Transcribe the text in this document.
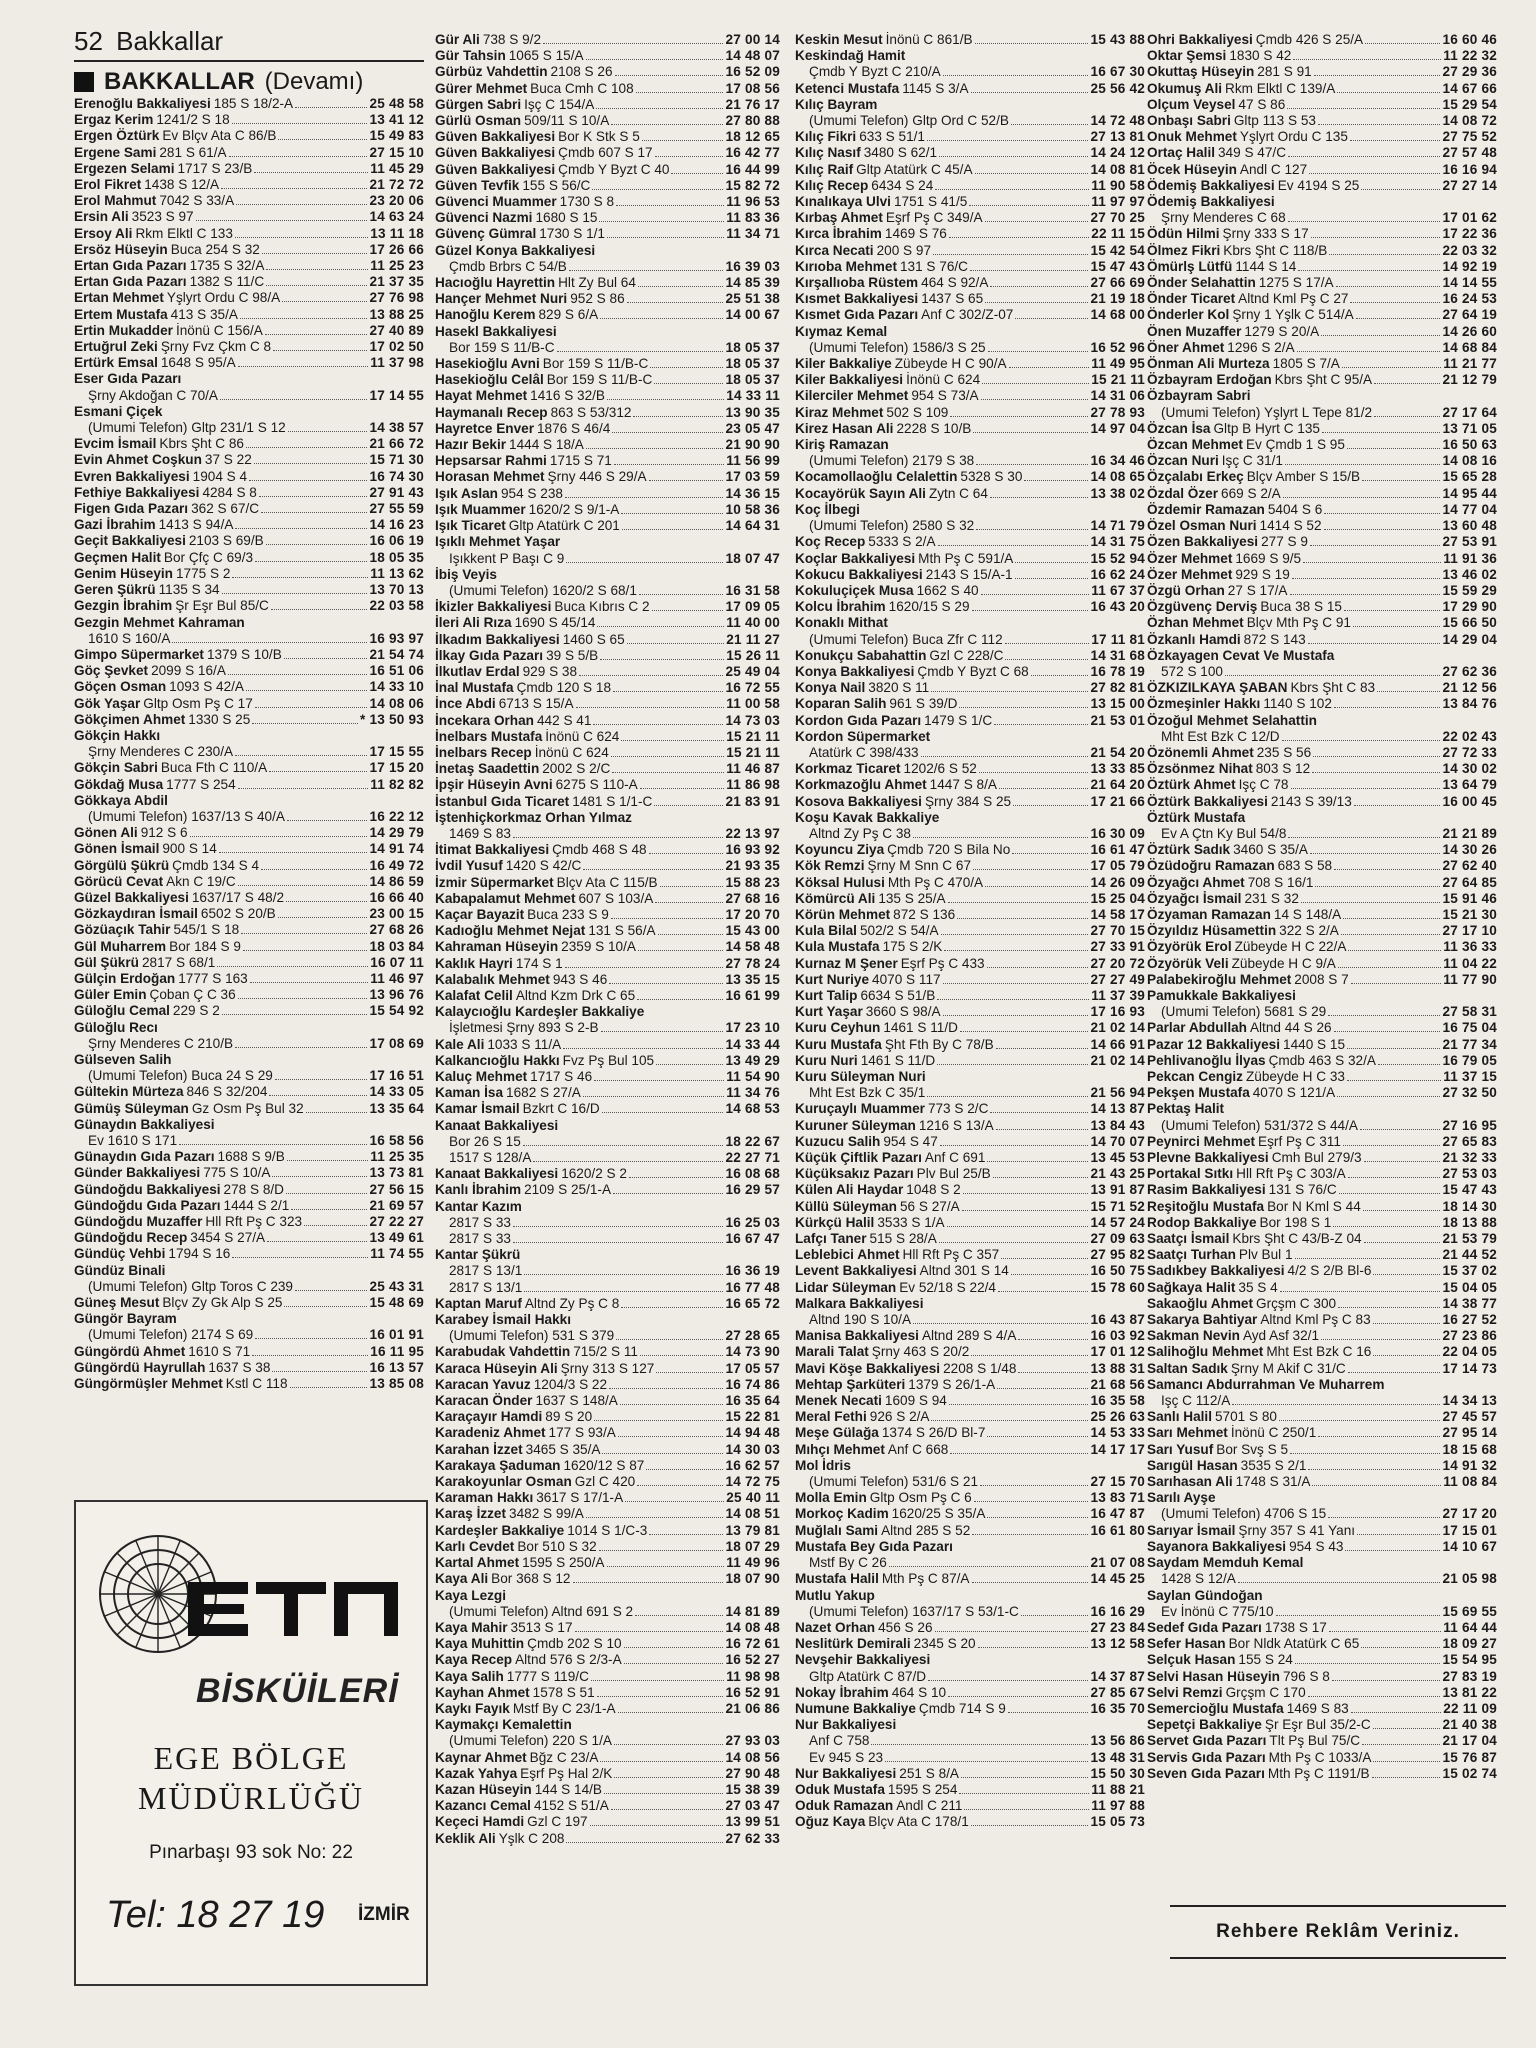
52 Bakkallar
BAKKALLAR (Devamı)
Erenoğlu Bakkaliyesi 185 S 18/2-A	25 48 58
Ergaz Kerim 1241/2 S 18	13 41 12
Ergen Öztürk Ev Blçv Ata C 86/B	15 49 83
Ergene Sami 281 S 61/A	27 15 10
Ergezen Selami 1717 S 23/B	11 45 29
Erol Fikret 1438 S 12/A	21 72 72
Erol Mahmut 7042 S 33/A	23 20 06
Ersin Ali 3523 S 97	14 63 24
Ersoy Ali Rkm Elktl C 133	13 11 18
Ersöz Hüseyin Buca 254 S 32	17 26 66
Ertan Gıda Pazarı 1735 S 32/A	11 25 23
Ertan Gıda Pazarı 1382 S 11/C	21 37 35
Ertan Mehmet Yşlyrt Ordu C 98/A	27 76 98
Ertem Mustafa 413 S 35/A	13 88 25
Ertin Mukadder İnönü C 156/A	27 40 89
Ertuğrul Zeki Şrny Fvz Çkm C 8	17 02 50
Ertürk Emsal 1648 S 95/A	11 37 98
Eser Gıda Pazarı
Şrny Akdoğan C 70/A	17 14 55
Esmani Çiçek
(Umumi Telefon) Gltp 231/1 S 12	14 38 57
Evcim İsmail Kbrs Şht C 86	21 66 72
Evin Ahmet Coşkun 37 S 22	15 71 30
Evren Bakkaliyesi 1904 S 4	16 74 30
Fethiye Bakkaliyesi 4284 S 8	27 91 43
Figen Gıda Pazarı 362 S 67/C	27 55 59
Gazi İbrahim 1413 S 94/A	14 16 23
Geçit Bakkaliyesi 2103 S 69/B	16 06 19
Geçmen Halit Bor Çfç C 69/3	18 05 35
Genim Hüseyin 1775 S 2	11 13 62
Geren Şükrü 1135 S 34	13 70 13
Gezgin İbrahim Şr Eşr Bul 85/C	22 03 58
Gezgin Mehmet Kahraman
1610 S 160/A	16 93 97
Gimpo Süpermarket 1379 S 10/B	21 54 74
Göç Şevket 2099 S 16/A	16 51 06
Göçen Osman 1093 S 42/A	14 33 10
Gök Yaşar Gltp Osm Pş C 17	14 08 06
Gökçimen Ahmet 1330 S 25	* 13 50 93
Gökçin Hakkı
Şrny Menderes C 230/A	17 15 55
Gökçin Sabri Buca Fth C 110/A	17 15 20
Gökdağ Musa 1777 S 254	11 82 82
Gökkaya Abdil
(Umumi Telefon) 1637/13 S 40/A	16 22 12
Gönen Ali 912 S 6	14 29 79
Gönen İsmail 900 S 14	14 91 74
Görgülü Şükrü Çmdb 134 S 4	16 49 72
Görücü Cevat Akn C 19/C	14 86 59
Güzel Bakkaliyesi 1637/17 S 48/2	16 66 40
Gözkaydıran İsmail 6502 S 20/B	23 00 15
Gözüaçık Tahir 545/1 S 18	27 68 26
Gül Muharrem Bor 184 S 9	18 03 84
Gül Şükrü 2817 S 68/1	16 07 11
Gülçin Erdoğan 1777 S 163	11 46 97
Güler Emin Çoban Ç C 36	13 96 76
Güloğlu Cemal 229 S 2	15 54 92
Güloğlu Recı
Şrny Menderes C 210/B	17 08 69
Gülseven Salih
(Umumi Telefon) Buca 24 S 29	17 16 51
Gültekin Mürteza 846 S 32/204	14 33 05
Gümüş Süleyman Gz Osm Pş Bul 32	13 35 64
Günaydın Bakkaliyesi
Ev 1610 S 171	16 58 56
Günaydın Gıda Pazarı 1688 S 9/B	11 25 35
Günder Bakkaliyesi 775 S 10/A	13 73 81
Gündoğdu Bakkaliyesi 278 S 8/D	27 56 15
Gündoğdu Gıda Pazarı 1444 S 2/1	21 69 57
Gündoğdu Muzaffer Hll Rft Pş C 323	27 22 27
Gündoğdu Recep 3454 S 27/A	13 49 61
Gündüç Vehbi 1794 S 16	11 74 55
Gündüz Binali
(Umumi Telefon) Gltp Toros C 239	25 43 31
Güneş Mesut Blçv Zy Gk Alp S 25	15 48 69
Güngör Bayram
(Umumi Telefon) 2174 S 69	16 01 91
Güngördü Ahmet 1610 S 71	16 11 95
Güngördü Hayrullah 1637 S 38	16 13 57
Güngörmüşler Mehmet Kstl C 118	13 85 08
Gür Ali 738 S 9/2	27 00 14
Gür Tahsin 1065 S 15/A	14 48 07
Gürbüz Vahdettin 2108 S 26	16 52 09
Gürer Mehmet Buca Cmh C 108	17 08 56
Gürgen Sabri Işç C 154/A	21 76 17
Gürlü Osman 509/11 S 10/A	27 80 88
Güven Bakkaliyesi Bor K Stk S 5	18 12 65
Güven Bakkaliyesi Çmdb 607 S 17	16 42 77
Güven Bakkaliyesi Çmdb Y Byzt C 40	16 44 99
Güven Tevfik 155 S 56/C	15 82 72
Güvenci Muammer 1730 S 8	11 96 53
Güvenci Nazmi 1680 S 15	11 83 36
Güvenç Gümral 1730 S 1/1	11 34 71
Güzel Konya Bakkaliyesi
Çmdb Brbrs C 54/B	16 39 03
Hacıoğlu Hayrettin Hlt Zy Bul 64	14 85 39
Hançer Mehmet Nuri 952 S 86	25 51 38
Hanoğlu Kerem 829 S 6/A	14 00 67
Hasekl Bakkaliyesi
Bor 159 S 11/B-C	18 05 37
Hasekioğlu Avni Bor 159 S 11/B-C	18 05 37
Hasekioğlu Celâl Bor 159 S 11/B-C	18 05 37
Hayat Mehmet 1416 S 32/B	14 33 11
Haymanalı Recep 863 S 53/312	13 90 35
Hayretce Enver 1876 S 46/4	23 05 47
Hazır Bekir 1444 S 18/A	21 90 90
Hepsarsar Rahmi 1715 S 71	11 56 99
Horasan Mehmet Şrny 446 S 29/A	17 03 59
Işık Aslan 954 S 238	14 36 15
Işık Muammer 1620/2 S 9/1-A	10 58 36
Işık Ticaret Gltp Atatürk C 201	14 64 31
Işıklı Mehmet Yaşar
Işıkkent P Başı C 9	18 07 47
İbiş Veyis
(Umumi Telefon) 1620/2 S 68/1	16 31 58
İkizler Bakkaliyesi Buca Kıbrıs C 2	17 09 05
İleri Ali Rıza 1690 S 45/14	11 40 00
İlkadım Bakkaliyesi 1460 S 65	21 11 27
İlkay Gıda Pazarı 39 S 5/B	15 26 11
İlkutlav Erdal 929 S 38	25 49 04
İnal Mustafa Çmdb 120 S 18	16 72 55
İnce Abdi 6713 S 15/A	11 00 58
İncekara Orhan 442 S 41	14 73 03
İnelbars Mustafa İnönü C 624	15 21 11
İnelbars Recep İnönü C 624	15 21 11
İnetaş Saadettin 2002 S 2/C	11 46 87
İpşir Hüseyin Avni 6275 S 110-A	11 86 98
İstanbul Gıda Ticaret 1481 S 1/1-C	21 83 91
İştenhiçkorkmaz Orhan Yılmaz
1469 S 83	22 13 97
İtimat Bakkaliyesi Çmdb 468 S 48	16 93 92
İvdil Yusuf 1420 S 42/C	21 93 35
İzmir Süpermarket Blçv Ata C 115/B	15 88 23
Kabapalamut Mehmet 607 S 103/A	27 68 16
Kaçar Bayazit Buca 233 S 9	17 20 70
Kadıoğlu Mehmet Nejat 131 S 56/A	15 43 00
Kahraman Hüseyin 2359 S 10/A	14 58 48
Kaklık Hayri 174 S 1	27 78 24
Kalabalık Mehmet 943 S 46	13 35 15
Kalafat Celil Altnd Kzm Drk C 65	16 61 99
Kalaycıoğlu Kardeşler Bakkaliye
İşletmesi Şrny 893 S 2-B	17 23 10
Kale Ali 1033 S 11/A	14 33 44
Kalkancıoğlu Hakkı Fvz Pş Bul 105	13 49 29
Kaluç Mehmet 1717 S 46	11 54 90
Kaman İsa 1682 S 27/A	11 34 76
Kamar İsmail Bzkrt C 16/D	14 68 53
Kanaat Bakkaliyesi
Bor 26 S 15	18 22 67
1517 S 128/A	22 27 71
Kanaat Bakkaliyesi 1620/2 S 2	16 08 68
Kanlı İbrahim 2109 S 25/1-A	16 29 57
Kantar Kazım
2817 S 33	16 25 03
2817 S 33	16 67 47
Kantar Şükrü
2817 S 13/1	16 36 19
2817 S 13/1	16 77 48
Kaptan Maruf Altnd Zy Pş C 8	16 65 72
Karabey İsmail Hakkı
(Umumi Telefon) 531 S 379	27 28 65
Karabudak Vahdettin 715/2 S 11	14 73 90
Karaca Hüseyin Ali Şrny 313 S 127	17 05 57
Karacan Yavuz 1204/3 S 22	16 74 86
Karacan Önder 1637 S 148/A	16 35 64
Karaçayır Hamdi 89 S 20	15 22 81
Karadeniz Ahmet 177 S 93/A	14 94 48
Karahan İzzet 3465 S 35/A	14 30 03
Karakaya Şaduman 1620/12 S 87	16 62 57
Karakoyunlar Osman Gzl C 420	14 72 75
Karaman Hakkı 3617 S 17/1-A	25 40 11
Karaş İzzet 3482 S 99/A	14 08 51
Kardeşler Bakkaliye 1014 S 1/C-3	13 79 81
Karlı Cevdet Bor 510 S 32	18 07 29
Kartal Ahmet 1595 S 250/A	11 49 96
Kaya Ali Bor 368 S 12	18 07 90
Kaya Lezgi
(Umumi Telefon) Altnd 691 S 2	14 81 89
Kaya Mahir 3513 S 17	14 08 48
Kaya Muhittin Çmdb 202 S 10	16 72 61
Kaya Recep Altnd 576 S 2/3-A	16 52 27
Kaya Salih 1777 S 119/C	11 98 98
Kayhan Ahmet 1578 S 51	16 52 91
Kaykı Fayık Mstf By C 23/1-A	21 06 86
Kaymakçı Kemalettin
(Umumi Telefon) 220 S 1/A	27 93 03
Kaynar Ahmet Bğz C 23/A	14 08 56
Kazak Yahya Eşrf Pş Hal 2/K	27 90 48
Kazan Hüseyin 144 S 14/B	15 38 39
Kazancı Cemal 4152 S 51/A	27 03 47
Keçeci Hamdi Gzl C 197	13 99 51
Keklik Ali Yşlk C 208	27 62 33
Keskin Mesut İnönü C 861/B	15 43 88
Keskindağ Hamit
Çmdb Y Byzt C 210/A	16 67 30
Ketenci Mustafa 1145 S 3/A	25 56 42
Kılıç Bayram
(Umumi Telefon) Gltp Ord C 52/B	14 72 48
Kılıç Fikri 633 S 51/1	27 13 81
Kılıç Nasıf 3480 S 62/1	14 24 12
Kılıç Raif Gltp Atatürk C 45/A	14 08 81
Kılıç Recep 6434 S 24	11 90 58
Kınalıkaya Ulvi 1751 S 41/5	11 97 97
Kırbaş Ahmet Eşrf Pş C 349/A	27 70 25
Kırca İbrahim 1469 S 76	22 11 15
Kırca Necati 200 S 97	15 42 54
Kırıoba Mehmet 131 S 76/C	15 47 43
Kırşallıoba Rüstem 464 S 92/A	27 66 69
Kısmet Bakkaliyesi 1437 S 65	21 19 18
Kısmet Gıda Pazarı Anf C 302/Z-07	14 68 00
Kıymaz Kemal
(Umumi Telefon) 1586/3 S 25	16 52 96
Kiler Bakkaliye Zübeyde H C 90/A	11 49 95
Kiler Bakkaliyesi İnönü C 624	15 21 11
Kilerciler Mehmet 954 S 73/A	14 31 06
Kiraz Mehmet 502 S 109	27 78 93
Kirez Hasan Ali 2228 S 10/B	14 97 04
Kiriş Ramazan
(Umumi Telefon) 2179 S 38	16 34 46
Kocamollaoğlu Celalettin 5328 S 30	14 08 65
Kocayörük Sayın Ali Zytn C 64	13 38 02
Koç İlbegi
(Umumi Telefon) 2580 S 32	14 71 79
Koç Recep 5333 S 2/A	14 31 75
Koçlar Bakkaliyesi Mth Pş C 591/A	15 52 94
Kokucu Bakkaliyesi 2143 S 15/A-1	16 62 24
Kokuluçiçek Musa 1662 S 40	11 67 37
Kolcu İbrahim 1620/15 S 29	16 43 20
Konaklı Mithat
(Umumi Telefon) Buca Zfr C 112	17 11 81
Konukçu Sabahattin Gzl C 228/C	14 31 68
Konya Bakkaliyesi Çmdb Y Byzt C 68	16 78 19
Konya Nail 3820 S 11	27 82 81
Koparan Salih 961 S 39/D	13 15 00
Kordon Gıda Pazarı 1479 S 1/C	21 53 01
Kordon Süpermarket
Atatürk C 398/433	21 54 20
Korkmaz Ticaret 1202/6 S 52	13 33 85
Korkmazoğlu Ahmet 1447 S 8/A	21 64 20
Kosova Bakkaliyesi Şrny 384 S 25	17 21 66
Koşu Kavak Bakkaliye
Altnd Zy Pş C 38	16 30 09
Koyuncu Ziya Çmdb 720 S Bila No	16 61 47
Kök Remzi Şrny M Snn C 67	17 05 79
Köksal Hulusi Mth Pş C 470/A	14 26 09
Kömürcü Ali 135 S 25/A	15 25 04
Körün Mehmet 872 S 136	14 58 17
Kula Bilal 502/2 S 54/A	27 70 15
Kula Mustafa 175 S 2/K	27 33 91
Kurnaz M Şener Eşrf Pş C 433	27 20 72
Kurt Nuriye 4070 S 117	27 27 49
Kurt Talip 6634 S 51/B	11 37 39
Kurt Yaşar 3660 S 98/A	17 16 93
Kuru Ceyhun 1461 S 11/D	21 02 14
Kuru Mustafa Şht Fth By C 78/B	14 66 91
Kuru Nuri 1461 S 11/D	21 02 14
Kuru Süleyman Nuri
Mht Est Bzk C 35/1	21 56 94
Kuruçaylı Muammer 773 S 2/C	14 13 87
Kuruner Süleyman 1216 S 13/A	13 84 43
Kuzucu Salih 954 S 47	14 70 07
Küçük Çiftlik Pazarı Anf C 691	13 45 53
Küçüksakız Pazarı Plv Bul 25/B	21 43 25
Külen Ali Haydar 1048 S 2	13 91 87
Küllü Süleyman 56 S 27/A	15 71 52
Kürkçü Halil 3533 S 1/A	14 57 24
Lafçı Taner 515 S 28/A	27 09 63
Leblebici Ahmet Hll Rft Pş C 357	27 95 82
Levent Bakkaliyesi Altnd 301 S 14	16 50 75
Lidar Süleyman Ev 52/18 S 22/4	15 78 60
Malkara Bakkaliyesi
Altnd 190 S 10/A	16 43 87
Manisa Bakkaliyesi Altnd 289 S 4/A	16 03 92
Marali Talat Şrny 463 S 20/2	17 01 12
Mavi Köşe Bakkaliyesi 2208 S 1/48	13 88 31
Mehtap Şarküteri 1379 S 26/1-A	21 68 56
Menek Necati 1609 S 94	16 35 58
Meral Fethi 926 S 2/A	25 26 63
Meşe Gülağa 1374 S 26/D Bl-7	14 53 33
Mıhçı Mehmet Anf C 668	14 17 17
Mol İdris
(Umumi Telefon) 531/6 S 21	27 15 70
Molla Emin Gltp Osm Pş C 6	13 83 71
Morkoç Kadim 1620/25 S 35/A	16 47 87
Muğlalı Sami Altnd 285 S 52	16 61 80
Mustafa Bey Gıda Pazarı
Mstf By C 26	21 07 08
Mustafa Halil Mth Pş C 87/A	14 45 25
Mutlu Yakup
(Umumi Telefon) 1637/17 S 53/1-C	16 16 29
Nazet Orhan 456 S 26	27 23 84
Neslitürk Demirali 2345 S 20	13 12 58
Nevşehir Bakkaliyesi
Gltp Atatürk C 87/D	14 37 87
Nokay İbrahim 464 S 10	27 85 67
Numune Bakkaliye Çmdb 714 S 9	16 35 70
Nur Bakkaliyesi
Anf C 758	13 56 86
Ev 945 S 23	13 48 31
Nur Bakkaliyesi 251 S 8/A	15 50 30
Oduk Mustafa 1595 S 254	11 88 21
Oduk Ramazan Andl C 211	11 97 88
Oğuz Kaya Blçv Ata C 178/1	15 05 73
Ohri Bakkaliyesi Çmdb 426 S 25/A	16 60 46
Oktar Şemsi 1830 S 42	11 22 32
Okuttaş Hüseyin 281 S 91	27 29 36
Okumuş Ali Rkm Elktl C 139/A	14 67 66
Olçum Veysel 47 S 86	15 29 54
Onbaşı Sabri Gltp 113 S 53	14 08 72
Onuk Mehmet Yşlyrt Ordu C 135	27 75 52
Ortaç Halil 349 S 47/C	27 57 48
Öcek Hüseyin Andl C 127	16 16 94
Ödemiş Bakkaliyesi Ev 4194 S 25	27 27 14
Ödemiş Bakkaliyesi
Şrny Menderes C 68	17 01 62
Ödün Hilmi Şrny 333 S 17	17 22 36
Ölmez Fikri Kbrs Şht C 118/B	22 03 32
Ömürlş Lütfü 1144 S 14	14 92 19
Önder Selahattin 1275 S 17/A	14 14 55
Önder Ticaret Altnd Kml Pş C 27	16 24 53
Önderler Kol Şrny 1 Yşlk C 514/A	27 64 19
Önen Muzaffer 1279 S 20/A	14 26 60
Öner Ahmet 1296 S 2/A	14 68 84
Önman Ali Murteza 1805 S 7/A	11 21 77
Özbayram Erdoğan Kbrs Şht C 95/A	21 12 79
Özbayram Sabri
(Umumi Telefon) Yşlyrt L Tepe 81/2	27 17 64
Özcan İsa Gltp B Hyrt C 135	13 71 05
Özcan Mehmet Ev Çmdb 1 S 95	16 50 63
Özcan Nuri Işç C 31/1	14 08 16
Özçalabı Erkeç Blçv Amber S 15/B	15 65 28
Özdal Özer 669 S 2/A	14 95 44
Özdemir Ramazan 5404 S 6	14 77 04
Özel Osman Nuri 1414 S 52	13 60 48
Özen Bakkaliyesi 277 S 9	27 53 91
Özer Mehmet 1669 S 9/5	11 91 36
Özer Mehmet 929 S 19	13 46 02
Özgü Orhan 27 S 17/A	15 59 29
Özgüvenç Derviş Buca 38 S 15	17 29 90
Özhan Mehmet Blçv Mth Pş C 91	15 66 50
Özkanlı Hamdi 872 S 143	14 29 04
Özkayagen Cevat Ve Mustafa
572 S 100	27 62 36
ÖZKIZILKAYA ŞABAN Kbrs Şht C 83	21 12 56
Özmeşinler Hakkı 1140 S 102	13 84 76
Özoğul Mehmet Selahattin
Mht Est Bzk C 12/D	22 02 43
Özönemli Ahmet 235 S 56	27 72 33
Özsönmez Nihat 803 S 12	14 30 02
Öztürk Ahmet Işç C 78	13 64 79
Öztürk Bakkaliyesi 2143 S 39/13	16 00 45
Öztürk Mustafa
Ev A Çtn Ky Bul 54/8	21 21 89
Öztürk Sadık 3460 S 35/A	14 30 26
Özüdoğru Ramazan 683 S 58	27 62 40
Özyağcı Ahmet 708 S 16/1	27 64 85
Özyağcı İsmail 231 S 32	15 91 46
Özyaman Ramazan 14 S 148/A	15 21 30
Özyıldız Hüsamettin 322 S 2/A	27 17 10
Özyörük Erol Zübeyde H C 22/A	11 36 33
Özyörük Veli Zübeyde H C 9/A	11 04 22
Palabekiroğlu Mehmet 2008 S 7	11 77 90
Pamukkale Bakkaliyesi
(Umumi Telefon) 5681 S 29	27 58 31
Parlar Abdullah Altnd 44 S 26	16 75 04
Pazar 12 Bakkaliyesi 1440 S 15	21 77 34
Pehlivanoğlu İlyas Çmdb 463 S 32/A	16 79 05
Pekcan Cengiz Zübeyde H C 33	11 37 15
Pekşen Mustafa 4070 S 121/A	27 32 50
Pektaş Halit
(Umumi Telefon) 531/372 S 44/A	27 16 95
Peynirci Mehmet Eşrf Pş C 311	27 65 83
Plevne Bakkaliyesi Cmh Bul 279/3	21 32 33
Portakal Sıtkı Hll Rft Pş C 303/A	27 53 03
Rasim Bakkaliyesi 131 S 76/C	15 47 43
Reşitoğlu Mustafa Bor N Kml S 44	18 14 30
Rodop Bakkaliye Bor 198 S 1	18 13 88
Saatçı İsmail Kbrs Şht C 43/B-Z 04	21 53 79
Saatçı Turhan Plv Bul 1	21 44 52
Sadıkbey Bakkaliyesi 4/2 S 2/B Bl-6	15 37 02
Sağkaya Halit 35 S 4	15 04 05
Sakaoğlu Ahmet Grçşm C 300	14 38 77
Sakarya Bahtiyar Altnd Kml Pş C 83	16 27 52
Sakman Nevin Ayd Asf 32/1	27 23 86
Salihoğlu Mehmet Mht Est Bzk C 16	22 04 05
Saltan Sadık Şrny M Akif C 31/C	17 14 73
Samancı Abdurrahman Ve Muharrem
Işç C 112/A	14 34 13
Sanlı Halil 5701 S 80	27 45 57
Sarı Mehmet İnönü C 250/1	27 95 14
Sarı Yusuf Bor Svş S 5	18 15 68
Sarıgül Hasan 3535 S 2/1	14 91 32
Sarıhasan Ali 1748 S 31/A	11 08 84
Sarılı Ayşe
(Umumi Telefon) 4706 S 15	27 17 20
Sarıyar İsmail Şrny 357 S 41 Yanı	17 15 01
Sayanora Bakkaliyesi 954 S 43	14 10 67
Saydam Memduh Kemal
1428 S 12/A	21 05 98
Saylan Gündoğan
Ev İnönü C 775/10	15 69 55
Sedef Gıda Pazarı 1738 S 17	11 64 44
Sefer Hasan Bor Nldk Atatürk C 65	18 09 27
Selçuk Hasan 155 S 24	15 54 95
Selvi Hasan Hüseyin 796 S 8	27 83 19
Selvi Remzi Grçşm C 170	13 81 22
Semercioğlu Mustafa 1469 S 83	22 11 09
Sepetçi Bakkaliye Şr Eşr Bul 35/2-C	21 40 38
Servet Gıda Pazarı Tlt Pş Bul 75/C	21 17 04
Servis Gıda Pazarı Mth Pş C 1033/A	15 76 87
Seven Gıda Pazarı Mth Pş C 1191/B	15 02 74
BİSKÜİLERİ
EGE BÖLGE
MÜDÜRLÜĞÜ
Pınarbaşı 93 sok No: 22
Tel: 18 27 19 İZMİR
Rehbere Reklâm Veriniz.
